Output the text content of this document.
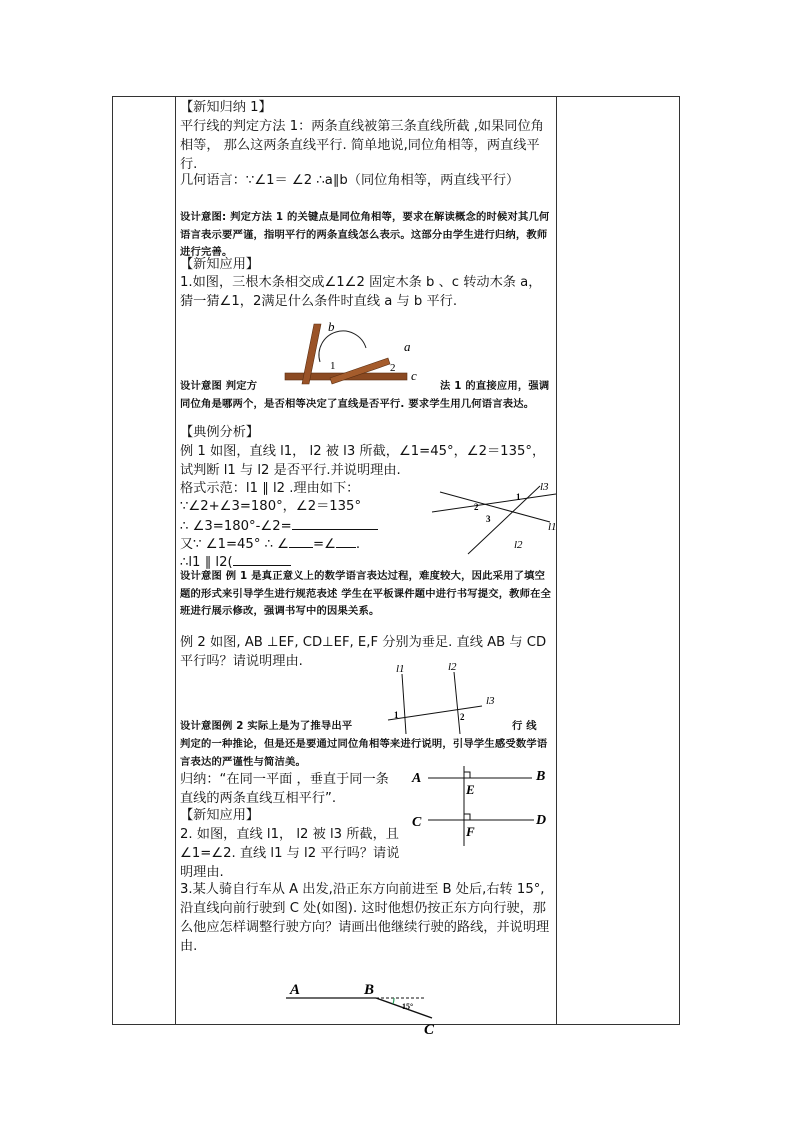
【新知归纳 1】
平行线的判定方法 1：两条直线被第三条直线所截 ,如果同位角相等， 那么这两条直线平行. 简单地说,同位角相等，两直线平行.
几何语言：∵∠1＝ ∠2 ∴a∥b（同位角相等，两直线平行）
设计意图: 判定方法 1 的关键点是同位角相等，要求在解读概念的时候对其几何语言表示要严谨，指明平行的两条直线怎么表示。这部分由学生进行归纳，教师进行完善。
【新知应用】
1.如图，三根木条相交成∠1∠2 固定木条 b 、c 转动木条 a，猜一猜∠1，2满足什么条件时直线 a 与 b 平行.
b
a
c
1	2
设计意图 判定方	法 1 的直接应用，强调
同位角是哪两个，是否相等决定了直线是否平行. 要求学生用几何语言表达。
【典例分析】
例 1 如图，直线 l1， l2 被 l3 所截，∠1=45°，∠2＝135°，试判断 l1 与 l2 是否平行.并说明理由.
格式示范：l1 ∥ l2 .理由如下：
∵∠2+∠3=180°，∠2＝135°
∴ ∠3=180°-∠2=
又∵ ∠1=45° ∴ ∠ =∠ .
∴l1 ∥ l2(
l3
l1
l2
1
2
3
设计意图 例 1 是真正意义上的数学语言表达过程，难度较大，因此采用了填空题的形式来引导学生进行规范表述 学生在平板课件题中进行书写提交，教师在全班进行展示修改，强调书写中的因果关系。
例 2 如图, AB ⊥EF, CD⊥EF, E,F 分别为垂足. 直线 AB 与 CD 平行吗？请说明理由.	l1	l2
l3
1	2
设计意图例 2 实际上是为了推导出平	行 线
判定的一种推论，但是还是要通过同位角相等来进行说明，引导学生感受数学语言表达的严谨性与简洁美。
归纳：“在同一平面 ，垂直于同一条直线的两条直线互相平行”.
【新知应用】
2. 如图，直线 l1， l2 被 l3 所截，且∠1=∠2. 直线 l1 与 l2 平行吗？请说明理由.
A	B
C	D
E
F
3.某人骑自行车从 A 出发,沿正东方向前进至 B 处后,右转 15°,沿直线向前行驶到 C 处(如图). 这时他想仍按正东方向行驶，那么他应怎样调整行驶方向？请画出他继续行驶的路线，并说明理由.
A	B
C
15°
